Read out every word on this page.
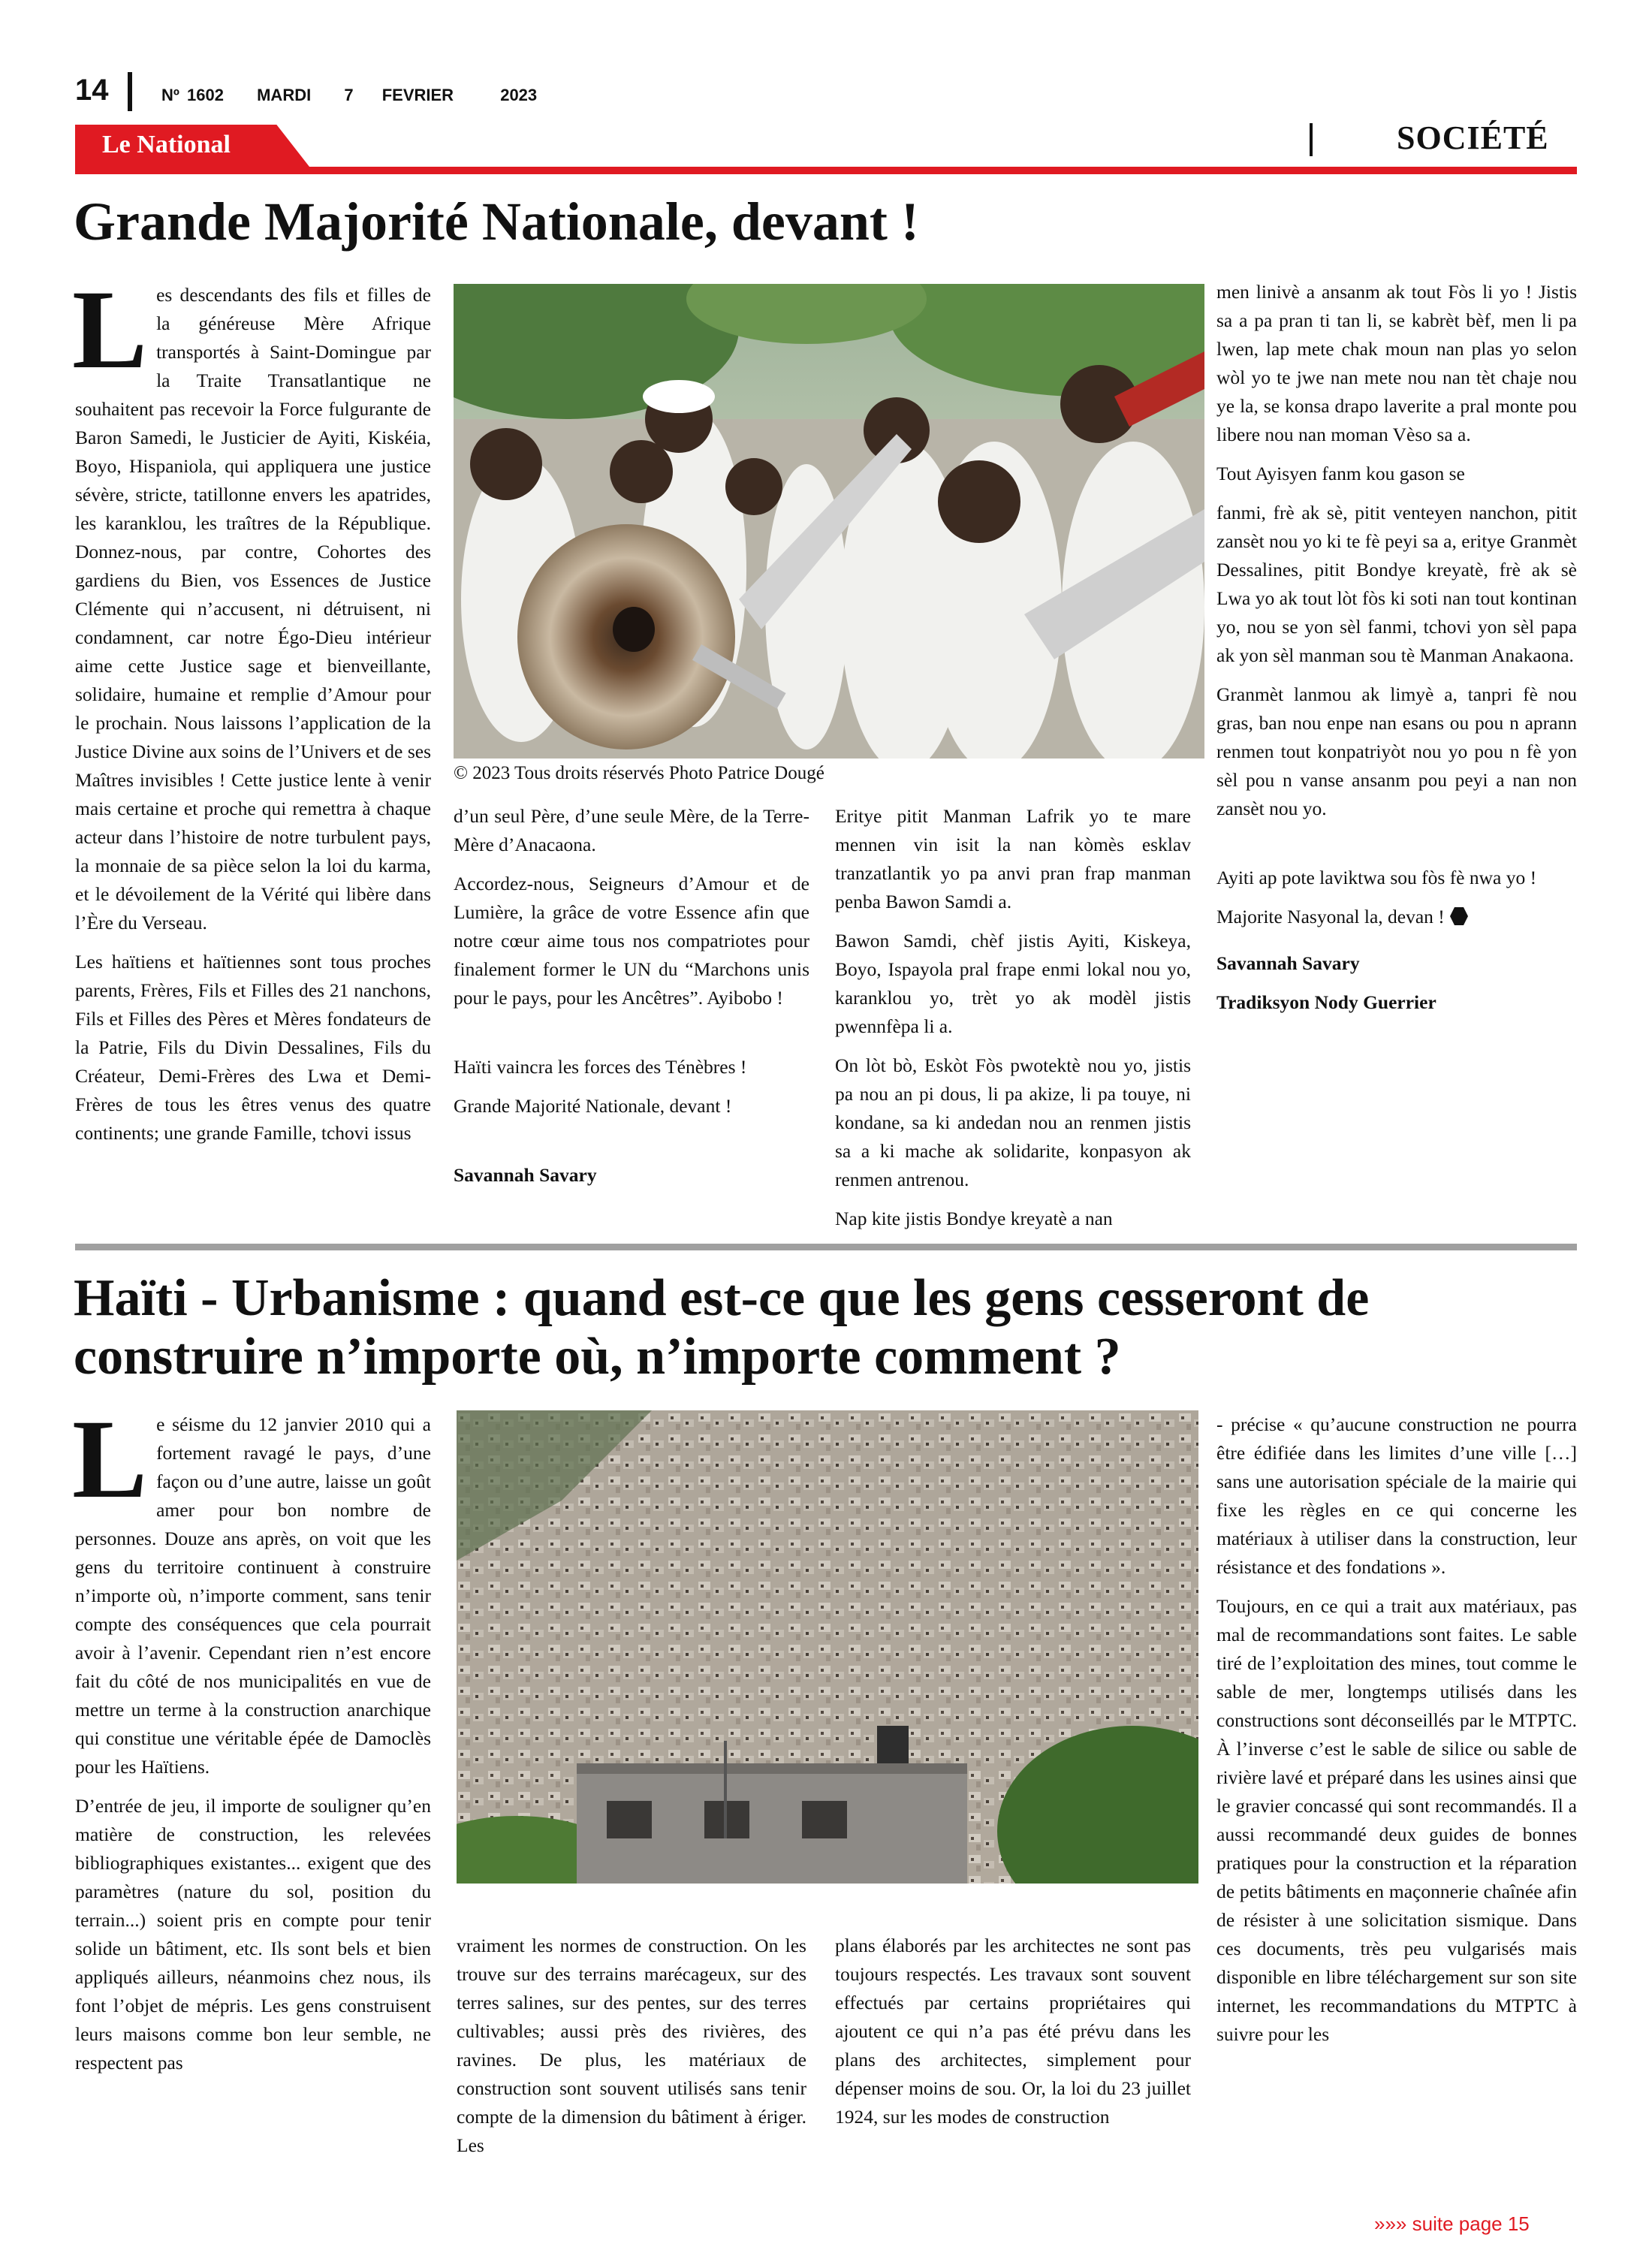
14	Nº 1602 MARDI 7 FEVRIER	2023
Le National	SOCIÉTÉ
Grande Majorité Nationale, devant !

Les descendants des fils et filles de la généreuse Mère Afrique transportés à Saint-Domingue par la Traite Transatlantique ne souhaitent pas recevoir la Force fulgurante de Baron Samedi, le Justicier de Ayiti, Kiskéia, Boyo, Hispaniola, qui appliquera une justice sévère, stricte, tatillonne envers les apatrides, les karanklou, les traîtres de la République. Donnez-nous, par contre, Cohortes des gardiens du Bien, vos Essences de Justice Clémente qui n’accusent, ni détruisent, ni condamnent, car notre Égo-Dieu intérieur aime cette Justice sage et bienveillante, solidaire, humaine et remplie d’Amour pour le prochain. Nous laissons l’application de la Justice Divine aux soins de l’Univers et de ses Maîtres invisibles ! Cette justice lente à venir mais certaine et proche qui remettra à chaque acteur dans l’histoire de notre turbulent pays, la monnaie de sa pièce selon la loi du karma, et le dévoilement de la Vérité qui libère dans l’Ère du Verseau.

Les haïtiens et haïtiennes sont tous proches parents, Frères, Fils et Filles des 21 nanchons, Fils et Filles des Pères et Mères fondateurs de la Patrie, Fils du Divin Dessalines, Fils du Créateur, Demi-Frères des Lwa et Demi-Frères de tous les êtres venus des quatre continents; une grande Famille, tchovi issus

© 2023 Tous droits réservés Photo Patrice Dougé

d’un seul Père, d’une seule Mère, de la Terre-Mère d’Anacaona.

Accordez-nous, Seigneurs d’Amour et de Lumière, la grâce de votre Essence afin que notre cœur aime tous nos compatriotes pour finalement former le UN du “Marchons unis pour le pays, pour les Ancêtres”. Ayibobo !

Haïti vaincra les forces des Ténèbres !

Grande Majorité Nationale, devant !

Savannah Savary

Eritye pitit Manman Lafrik yo te mare mennen vin isit la nan kòmès esklav tranzatlantik yo pa anvi pran frap manman penba Bawon Samdi a.

Bawon Samdi, chèf jistis Ayiti, Kiskeya, Boyo, Ispayola pral frape enmi lokal nou yo, karanklou yo, trèt yo ak modèl jistis pwennfèpa li a.

On lòt bò, Eskòt Fòs pwotektè nou yo, jistis pa nou an pi dous, li pa akize, li pa touye, ni kondane, sa ki andedan nou an renmen jistis sa a ki mache ak solidarite, konpasyon ak renmen antrenou.

Nap kite jistis Bondye kreyatè a nan

men linivè a ansanm ak tout Fòs li yo ! Jistis sa a pa pran ti tan li, se kabrèt bèf, men li pa lwen, lap mete chak moun nan plas yo selon wòl yo te jwe nan mete nou nan tèt chaje nou ye la, se konsa drapo laverite a pral monte pou libere nou nan moman Vèso sa a.

Tout Ayisyen fanm kou gason se

fanmi, frè ak sè, pitit venteyen nanchon, pitit zansèt nou yo ki te fè peyi sa a, eritye Granmèt Dessalines, pitit Bondye kreyatè, frè ak sè Lwa yo ak tout lòt fòs ki soti nan tout kontinan yo, nou se yon sèl fanmi, tchovi yon sèl papa ak yon sèl manman sou tè Manman Anakaona.

Granmèt lanmou ak limyè a, tanpri fè nou gras, ban nou enpe nan esans ou pou n aprann renmen tout konpatriyòt nou yo pou n fè yon sèl pou n vanse ansanm pou peyi a nan non zansèt nou yo.

Ayiti ap pote laviktwa sou fòs fè nwa yo !

Majorite Nasyonal la, devan !

Savannah Savary

Tradiksyon Nody Guerrier

Haïti - Urbanisme : quand est-ce que les gens cesseront de construire n’importe où, n’importe comment ?

Le séisme du 12 janvier 2010 qui a fortement ravagé le pays, d’une façon ou d’une autre, laisse un goût amer pour bon nombre de personnes. Douze ans après, on voit que les gens du territoire continuent à construire n’importe où, n’importe comment, sans tenir compte des conséquences que cela pourrait avoir à l’avenir. Cependant rien n’est encore fait du côté de nos municipalités en vue de mettre un terme à la construction anarchique qui constitue une véritable épée de Damoclès pour les Haïtiens.

D’entrée de jeu, il importe de souligner qu’en matière de construction, les relevées bibliographiques existantes... exigent que des paramètres (nature du sol, position du terrain...) soient pris en compte pour tenir solide un bâtiment, etc. Ils sont bels et bien appliqués ailleurs, néanmoins chez nous, ils font l’objet de mépris. Les gens construisent leurs maisons comme bon leur semble, ne respectent pas

vraiment les normes de construction. On les trouve sur des terrains marécageux, sur des terres salines, sur des pentes, sur des terres cultivables; aussi près des rivières, des ravines. De plus, les matériaux de construction sont souvent utilisés sans tenir compte de la dimension du bâtiment à ériger. Les

plans élaborés par les architectes ne sont pas toujours respectés. Les travaux sont souvent effectués par certains propriétaires qui ajoutent ce qui n’a pas été prévu dans les plans des architectes, simplement pour dépenser moins de sou. Or, la loi du 23 juillet 1924, sur les modes de construction

- précise « qu’aucune construction ne pourra être édifiée dans les limites d’une ville […] sans une autorisation spéciale de la mairie qui fixe les règles en ce qui concerne les matériaux à utiliser dans la construction, leur résistance et des fondations ».

Toujours, en ce qui a trait aux matériaux, pas mal de recommandations sont faites. Le sable tiré de l’exploitation des mines, tout comme le sable de mer, longtemps utilisés dans les constructions sont déconseillés par le MTPTC. À l’inverse c’est le sable de silice ou sable de rivière lavé et préparé dans les usines ainsi que le gravier concassé qui sont recommandés. Il a aussi recommandé deux guides de bonnes pratiques pour la construction et la réparation de petits bâtiments en maçonnerie chaînée afin de résister à une solicitation sismique. Dans ces documents, très peu vulgarisés mais disponible en libre téléchargement sur son site internet, les recommandations du MTPTC à suivre pour les

»»» suite page 15
